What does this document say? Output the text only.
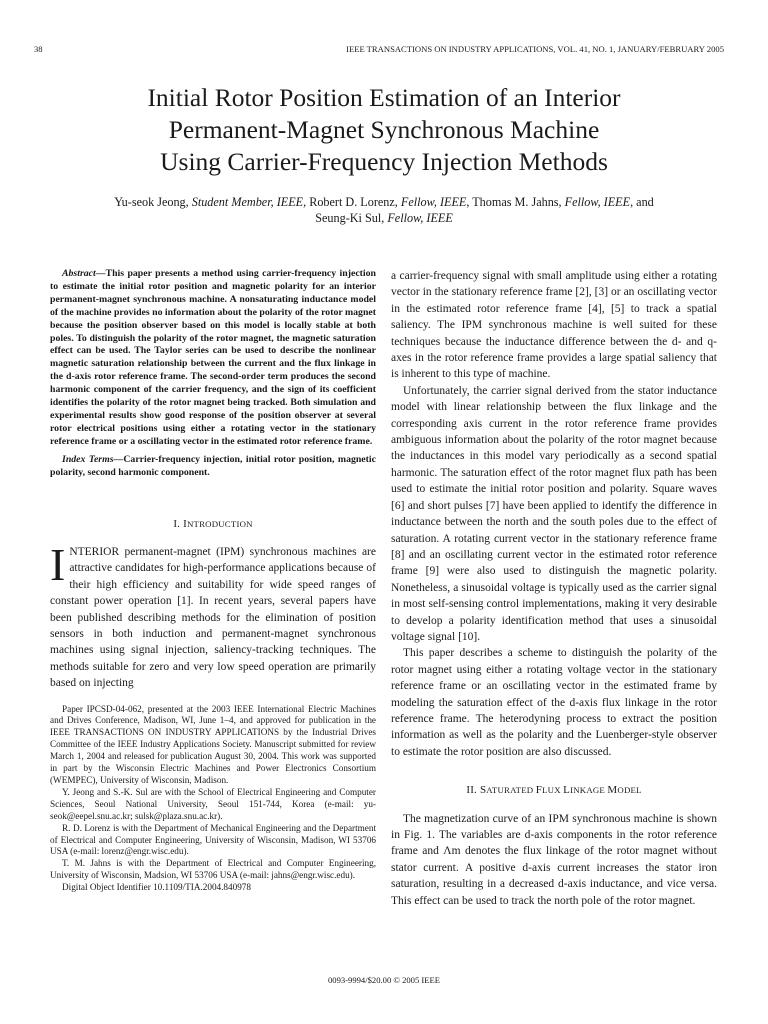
38	IEEE TRANSACTIONS ON INDUSTRY APPLICATIONS, VOL. 41, NO. 1, JANUARY/FEBRUARY 2005
Initial Rotor Position Estimation of an Interior
Permanent-Magnet Synchronous Machine
Using Carrier-Frequency Injection Methods
Yu-seok Jeong, Student Member, IEEE, Robert D. Lorenz, Fellow, IEEE, Thomas M. Jahns, Fellow, IEEE, and
Seung-Ki Sul, Fellow, IEEE

Abstract—This paper presents a method using carrier-frequency injection to estimate the initial rotor position and magnetic polarity for an interior permanent-magnet synchronous machine. A nonsaturating inductance model of the machine provides no information about the polarity of the rotor magnet because the position observer based on this model is locally stable at both poles. To distinguish the polarity of the rotor magnet, the magnetic saturation effect can be used. The Taylor series can be used to describe the nonlinear magnetic saturation relationship between the current and the flux linkage in the d-axis rotor reference frame. The second-order term produces the second harmonic component of the carrier frequency, and the sign of its coefficient identifies the polarity of the rotor magnet being tracked. Both simulation and experimental results show good response of the position observer at several rotor electrical positions using either a rotating vector in the stationary reference frame or a oscillating vector in the estimated rotor reference frame.

Index Terms—Carrier-frequency injection, initial rotor position, magnetic polarity, second harmonic component.

I. INTRODUCTION

INTERIOR permanent-magnet (IPM) synchronous machines are attractive candidates for high-performance applications because of their high efficiency and suitability for wide speed ranges of constant power operation [1]. In recent years, several papers have been published describing methods for the elimination of position sensors in both induction and permanent-magnet synchronous machines using signal injection, saliency-tracking techniques. The methods suitable for zero and very low speed operation are primarily based on injecting

Paper IPCSD-04-062, presented at the 2003 IEEE International Electric Machines and Drives Conference, Madison, WI, June 1–4, and approved for publication in the IEEE TRANSACTIONS ON INDUSTRY APPLICATIONS by the Industrial Drives Committee of the IEEE Industry Applications Society. Manuscript submitted for review March 1, 2004 and released for publication August 30, 2004. This work was supported in part by the Wisconsin Electric Machines and Power Electronics Consortium (WEMPEC), University of Wisconsin, Madison.

Y. Jeong and S.-K. Sul are with the School of Electrical Engineering and Computer Sciences, Seoul National University, Seoul 151-744, Korea (e-mail: yu-seok@eepel.snu.ac.kr; sulsk@plaza.snu.ac.kr).

R. D. Lorenz is with the Department of Mechanical Engineering and the Department of Electrical and Computer Engineering, University of Wisconsin, Madison, WI 53706 USA (e-mail: lorenz@engr.wisc.edu).

T. M. Jahns is with the Department of Electrical and Computer Engineering, University of Wisconsin, Madsion, WI 53706 USA (e-mail: jahns@engr.wisc.edu).

Digital Object Identifier 10.1109/TIA.2004.840978

a carrier-frequency signal with small amplitude using either a rotating vector in the stationary reference frame [2], [3] or an oscillating vector in the estimated rotor reference frame [4], [5] to track a spatial saliency. The IPM synchronous machine is well suited for these techniques because the inductance difference between the d- and q-axes in the rotor reference frame provides a large spatial saliency that is inherent to this type of machine.

Unfortunately, the carrier signal derived from the stator inductance model with linear relationship between the flux linkage and the corresponding axis current in the rotor reference frame provides ambiguous information about the polarity of the rotor magnet because the inductances in this model vary periodically as a second spatial harmonic. The saturation effect of the rotor magnet flux path has been used to estimate the initial rotor position and polarity. Square waves [6] and short pulses [7] have been applied to identify the difference in inductance between the north and the south poles due to the effect of saturation. A rotating current vector in the stationary reference frame [8] and an oscillating current vector in the estimated rotor reference frame [9] were also used to distinguish the magnetic polarity. Nonetheless, a sinusoidal voltage is typically used as the carrier signal in most self-sensing control implementations, making it very desirable to develop a polarity identification method that uses a sinusoidal voltage signal [10].

This paper describes a scheme to distinguish the polarity of the rotor magnet using either a rotating voltage vector in the stationary reference frame or an oscillating vector in the estimated frame by modeling the saturation effect of the d-axis flux linkage in the rotor reference frame. The heterodyning process to extract the position information as well as the polarity and the Luenberger-style observer to estimate the rotor position are also discussed.

II. SATURATED FLUX LINKAGE MODEL

The magnetization curve of an IPM synchronous machine is shown in Fig. 1. The variables are d-axis components in the rotor reference frame and Λm denotes the flux linkage of the rotor magnet without stator current. A positive d-axis current increases the stator iron saturation, resulting in a decreased d-axis inductance, and vice versa. This effect can be used to track the north pole of the rotor magnet.

0093-9994/$20.00 © 2005 IEEE
